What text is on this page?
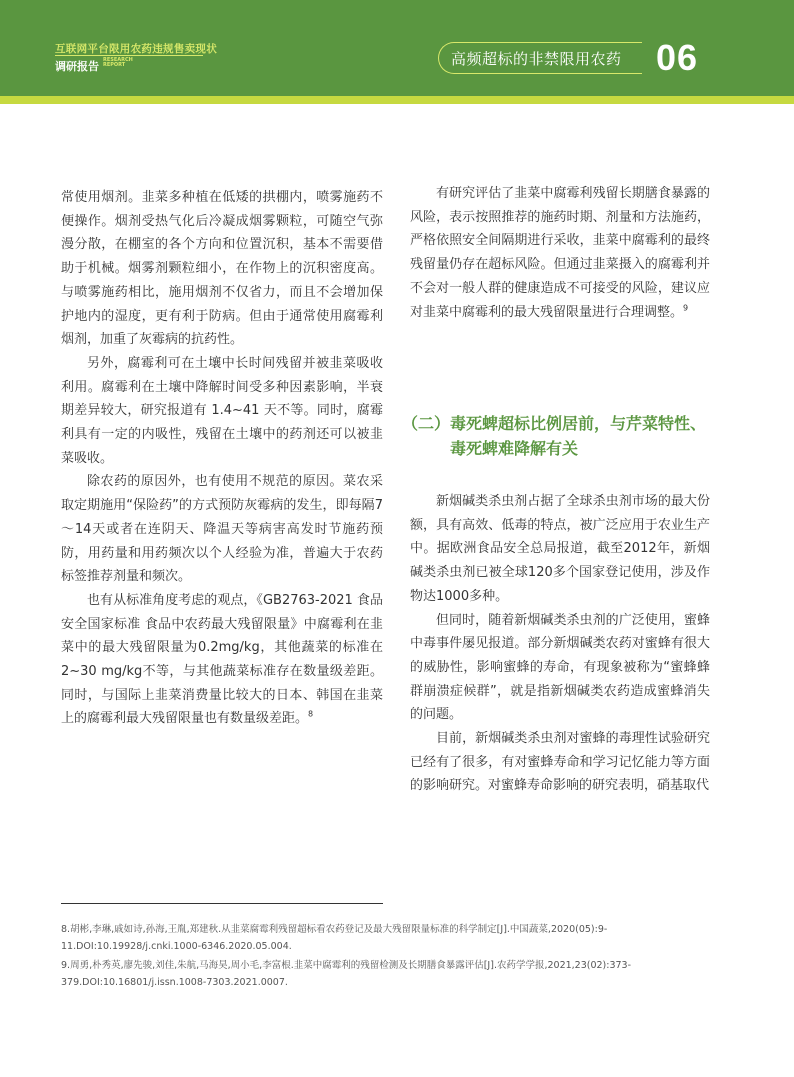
互联网平台限用农药违规售卖现状
调研报告 RESEARCH
REPORT	高频超标的非禁限用农药 06

常使用烟剂。韭菜多种植在低矮的拱棚内，喷雾施药不便操作。烟剂受热气化后冷凝成烟雾颗粒，可随空气弥漫分散，在棚室的各个方向和位置沉积，基本不需要借助于机械。烟雾剂颗粒细小，在作物上的沉积密度高。与喷雾施药相比，施用烟剂不仅省力，而且不会增加保护地内的湿度，更有利于防病。但由于通常使用腐霉利烟剂，加重了灰霉病的抗药性。

另外，腐霉利可在土壤中长时间残留并被韭菜吸收利用。腐霉利在土壤中降解时间受多种因素影响，半衰期差异较大，研究报道有 1.4~41 天不等。同时，腐霉利具有一定的内吸性，残留在土壤中的药剂还可以被韭菜吸收。

除农药的原因外，也有使用不规范的原因。菜农采取定期施用“保险药”的方式预防灰霉病的发生，即每隔7～14天或者在连阴天、降温天等病害高发时节施药预防，用药量和用药频次以个人经验为准，普遍大于农药标签推荐剂量和频次。

也有从标准角度考虑的观点，《GB2763-2021 食品安全国家标准 食品中农药最大残留限量》中腐霉利在韭菜中的最大残留限量为0.2mg/kg，其他蔬菜的标准在2~30 mg/kg不等，与其他蔬菜标准存在数量级差距。同时，与国际上韭菜消费量比较大的日本、韩国在韭菜上的腐霉利最大残留限量也有数量级差距。$^8$

有研究评估了韭菜中腐霉利残留长期膳食暴露的风险，表示按照推荐的施药时期、剂量和方法施药，严格依照安全间隔期进行采收，韭菜中腐霉利的最终残留量仍存在超标风险。但通过韭菜摄入的腐霉利并不会对一般人群的健康造成不可接受的风险，建议应对韭菜中腐霉利的最大残留限量进行合理调整。$^9$

（二）毒死蜱超标比例居前，与芹菜特性、
毒死蜱难降解有关

新烟碱类杀虫剂占据了全球杀虫剂市场的最大份额，具有高效、低毒的特点，被广泛应用于农业生产中。据欧洲食品安全总局报道，截至2012年，新烟碱类杀虫剂已被全球120多个国家登记使用，涉及作物达1000多种。

但同时，随着新烟碱类杀虫剂的广泛使用，蜜蜂中毒事件屡见报道。部分新烟碱类农药对蜜蜂有很大的威胁性，影响蜜蜂的寿命，有现象被称为“蜜蜂蜂群崩溃症候群”，就是指新烟碱类农药造成蜜蜂消失的问题。

目前，新烟碱类杀虫剂对蜜蜂的毒理性试验研究已经有了很多，有对蜜蜂寿命和学习记忆能力等方面的影响研究。对蜜蜂寿命影响的研究表明，硝基取代

8.胡彬,李琳,戚如诗,孙海,王胤,郑建秋.从韭菜腐霉利残留超标看农药登记及最大残留限量标准的科学制定[J].中国蔬菜,2020(05):9-11.DOI:10.19928/j.cnki.1000-6346.2020.05.004.

9.周勇,朴秀英,廖先骏,刘佳,朱航,马海昊,周小毛,李富根.韭菜中腐霉利的残留检测及长期膳食暴露评估[J].农药学学报,2021,23(02):373-379.DOI:10.16801/j.issn.1008-7303.2021.0007.
